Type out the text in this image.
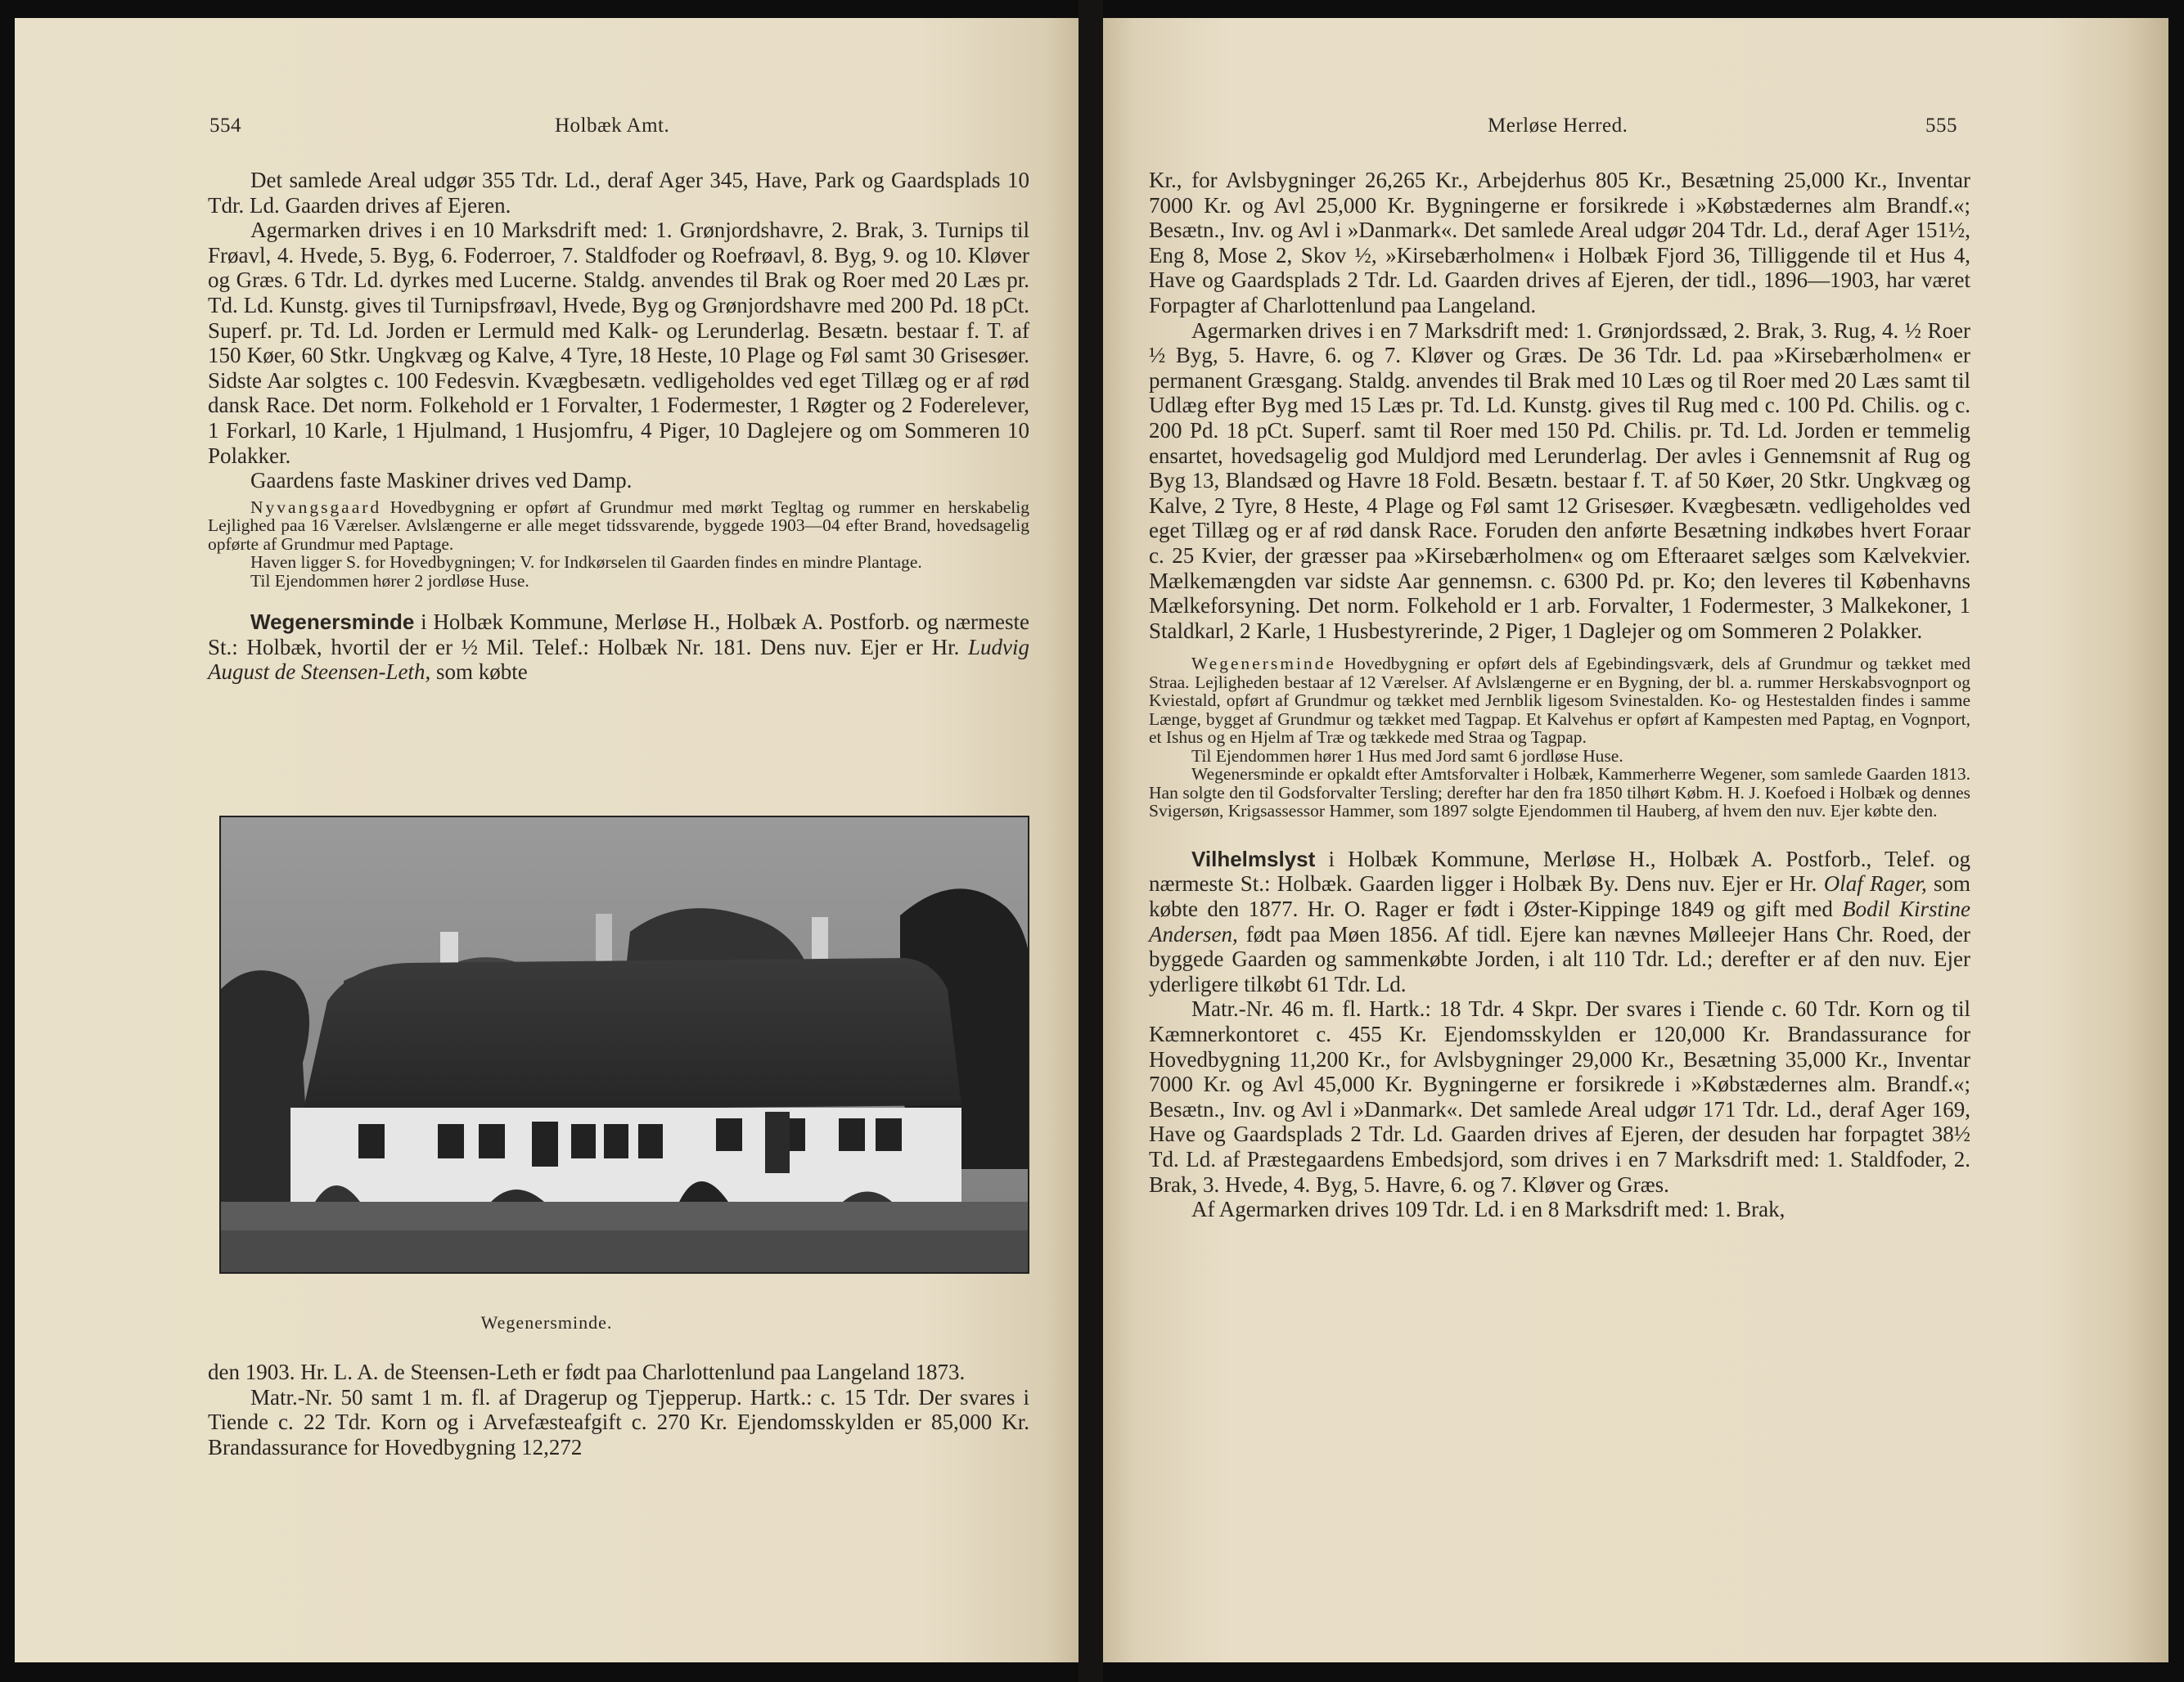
554	Holbæk Amt.

Det samlede Areal udgør 355 Tdr. Ld., deraf Ager 345, Have, Park og Gaardsplads 10 Tdr. Ld. Gaarden drives af Ejeren.

Agermarken drives i en 10 Marksdrift med: 1. Grønjordshavre, 2. Brak, 3. Turnips til Frøavl, 4. Hvede, 5. Byg, 6. Foderroer, 7. Staldfoder og Roefrøavl, 8. Byg, 9. og 10. Kløver og Græs. 6 Tdr. Ld. dyrkes med Lucerne. Staldg. anvendes til Brak og Roer med 20 Læs pr. Td. Ld. Kunstg. gives til Turnipsfrøavl, Hvede, Byg og Grønjordshavre med 200 Pd. 18 pCt. Superf. pr. Td. Ld. Jorden er Lermuld med Kalk- og Lerunderlag. Besætn. bestaar f. T. af 150 Køer, 60 Stkr. Ungkvæg og Kalve, 4 Tyre, 18 Heste, 10 Plage og Føl samt 30 Grisesøer. Sidste Aar solgtes c. 100 Fedesvin. Kvægbesætn. vedligeholdes ved eget Tillæg og er af rød dansk Race. Det norm. Folkehold er 1 Forvalter, 1 Fodermester, 1 Røgter og 2 Foderelever, 1 Forkarl, 10 Karle, 1 Hjulmand, 1 Husjomfru, 4 Piger, 10 Daglejere og om Sommeren 10 Polakker.

Gaardens faste Maskiner drives ved Damp.

Nyvangsgaard Hovedbygning er opført af Grundmur med mørkt Tegltag og rummer en herskabelig Lejlighed paa 16 Værelser. Avlslængerne er alle meget tidssvarende, byggede 1903—04 efter Brand, hovedsagelig opførte af Grundmur med Paptage.

Haven ligger S. for Hovedbygningen; V. for Indkørselen til Gaarden findes en mindre Plantage.

Til Ejendommen hører 2 jordløse Huse.

Wegenersminde i Holbæk Kommune, Merløse H., Holbæk A. Postforb. og nærmeste St.: Holbæk, hvortil der er ½ Mil. Telef.: Holbæk Nr. 181. Dens nuv. Ejer er Hr. Ludvig August de Steensen-Leth, som købte

Wegenersminde.

den 1903. Hr. L. A. de Steensen-Leth er født paa Charlottenlund paa Langeland 1873.

Matr.-Nr. 50 samt 1 m. fl. af Dragerup og Tjepperup. Hartk.: c. 15 Tdr. Der svares i Tiende c. 22 Tdr. Korn og i Arvefæsteafgift c. 270 Kr. Ejendomsskylden er 85,000 Kr. Brandassurance for Hovedbygning 12,272

Merløse Herred.	555

Kr., for Avlsbygninger 26,265 Kr., Arbejderhus 805 Kr., Besætning 25,000 Kr., Inventar 7000 Kr. og Avl 25,000 Kr. Bygningerne er forsikrede i »Købstædernes alm Brandf.«; Besætn., Inv. og Avl i »Danmark«. Det samlede Areal udgør 204 Tdr. Ld., deraf Ager 151½, Eng 8, Mose 2, Skov ½, »Kirsebærholmen« i Holbæk Fjord 36, Tilliggende til et Hus 4, Have og Gaardsplads 2 Tdr. Ld. Gaarden drives af Ejeren, der tidl., 1896—1903, har været Forpagter af Charlottenlund paa Langeland.

Agermarken drives i en 7 Marksdrift med: 1. Grønjordssæd, 2. Brak, 3. Rug, 4. ½ Roer ½ Byg, 5. Havre, 6. og 7. Kløver og Græs. De 36 Tdr. Ld. paa »Kirsebærholmen« er permanent Græsgang. Staldg. anvendes til Brak med 10 Læs og til Roer med 20 Læs samt til Udlæg efter Byg med 15 Læs pr. Td. Ld. Kunstg. gives til Rug med c. 100 Pd. Chilis. og c. 200 Pd. 18 pCt. Superf. samt til Roer med 150 Pd. Chilis. pr. Td. Ld. Jorden er temmelig ensartet, hovedsagelig god Muldjord med Lerunderlag. Der avles i Gennemsnit af Rug og Byg 13, Blandsæd og Havre 18 Fold. Besætn. bestaar f. T. af 50 Køer, 20 Stkr. Ungkvæg og Kalve, 2 Tyre, 8 Heste, 4 Plage og Føl samt 12 Grisesøer. Kvægbesætn. vedligeholdes ved eget Tillæg og er af rød dansk Race. Foruden den anførte Besætning indkøbes hvert Foraar c. 25 Kvier, der græsser paa »Kirsebærholmen« og om Efteraaret sælges som Kælvekvier. Mælkemængden var sidste Aar gennemsn. c. 6300 Pd. pr. Ko; den leveres til Københavns Mælkeforsyning. Det norm. Folkehold er 1 arb. Forvalter, 1 Fodermester, 3 Malkekoner, 1 Staldkarl, 2 Karle, 1 Husbestyrerinde, 2 Piger, 1 Daglejer og om Sommeren 2 Polakker.

Wegenersminde Hovedbygning er opført dels af Egebindingsværk, dels af Grundmur og tækket med Straa. Lejligheden bestaar af 12 Værelser. Af Avlslængerne er en Bygning, der bl. a. rummer Herskabsvognport og Kviestald, opført af Grundmur og tækket med Jernblik ligesom Svinestalden. Ko- og Hestestalden findes i samme Længe, bygget af Grundmur og tækket med Tagpap. Et Kalvehus er opført af Kampesten med Paptag, en Vognport, et Ishus og en Hjelm af Træ og tækkede med Straa og Tagpap.

Til Ejendommen hører 1 Hus med Jord samt 6 jordløse Huse.

Wegenersminde er opkaldt efter Amtsforvalter i Holbæk, Kammerherre Wegener, som samlede Gaarden 1813. Han solgte den til Godsforvalter Tersling; derefter har den fra 1850 tilhørt Købm. H. J. Koefoed i Holbæk og dennes Svigersøn, Krigsassessor Hammer, som 1897 solgte Ejendommen til Hauberg, af hvem den nuv. Ejer købte den.

Vilhelmslyst i Holbæk Kommune, Merløse H., Holbæk A. Postforb., Telef. og nærmeste St.: Holbæk. Gaarden ligger i Holbæk By. Dens nuv. Ejer er Hr. Olaf Rager, som købte den 1877. Hr. O. Rager er født i Øster-Kippinge 1849 og gift med Bodil Kirstine Andersen, født paa Møen 1856. Af tidl. Ejere kan nævnes Mølleejer Hans Chr. Roed, der byggede Gaarden og sammenkøbte Jorden, i alt 110 Tdr. Ld.; derefter er af den nuv. Ejer yderligere tilkøbt 61 Tdr. Ld.

Matr.-Nr. 46 m. fl. Hartk.: 18 Tdr. 4 Skpr. Der svares i Tiende c. 60 Tdr. Korn og til Kæmnerkontoret c. 455 Kr. Ejendomsskylden er 120,000 Kr. Brandassurance for Hovedbygning 11,200 Kr., for Avlsbygninger 29,000 Kr., Besætning 35,000 Kr., Inventar 7000 Kr. og Avl 45,000 Kr. Bygningerne er forsikrede i »Købstædernes alm. Brandf.«; Besætn., Inv. og Avl i »Danmark«. Det samlede Areal udgør 171 Tdr. Ld., deraf Ager 169, Have og Gaardsplads 2 Tdr. Ld. Gaarden drives af Ejeren, der desuden har forpagtet 38½ Td. Ld. af Præstegaardens Embedsjord, som drives i en 7 Marksdrift med: 1. Staldfoder, 2. Brak, 3. Hvede, 4. Byg, 5. Havre, 6. og 7. Kløver og Græs.

Af Agermarken drives 109 Tdr. Ld. i en 8 Marksdrift med: 1. Brak,
